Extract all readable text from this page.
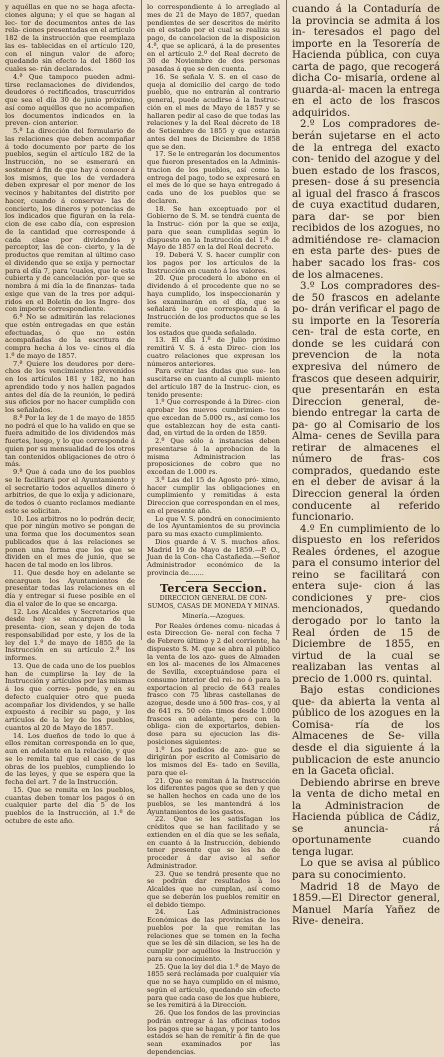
y aquéllas en que no se haga afecta- ciones alguna; y el que se hagan al lec- tor de documentos antes de las rela- ciones presentadas en el artículo 182 de la instrucción que reemplaza las es- tablecidas en el artículo 120, con el ningun valor de aforo; quedando sin efecto la del 1860 los cuales se- rán declarados.

4.ª Que tampoco pueden admi- tirse reclamaciones de dividendos, deudores ó rectificados, trascurridos que sea el día 30 de junio próximo, así como aquéllos que no acompañen los documentos indicados en la preven- cion anterior.

5.ª La dirección del formulario de las relaciones que deben acompañar á todo documento por parte de los pueblos, según el artículo 182 de la Instrucción, no se esmerará en sostener á fin de que hay á conocer á los mismos, que los de verdadera deben expresar el por menor de los vecinos y habitantes del distrito por hacer, cuando á conservar- las de concierto, los dineros y potencias de los indicados que figuran en la rela- cion de ese cabo día, con espresion de la cantidad que corresponde á cada clase por dividendos y perceptor, las de con- cierto, y la de productos que remitan al último caso el dividendo que se exija y pernoctar para el día 7, para 'cuales, que le esta cubierta y de cancelación por- que se nombra á mi día la de finanzas- tada exige que van de la tres por adqui- ridos en el Boletín de los Ingre- dos con importe correspondiente.

6.ª No se admitirán las relaciones que estén entregadas en que están efectuadas, ó que no estén acompañadas de la escritura de compra hecha á los ve- cinos el día 1.º de mayo de 1857.

7.ª Quiere los deudores por dere- chos de los vencimientos prevenidos en los artículos 181 y 182, no han aprendido todo y nos hallen pagados antes del día de la reunión, le pedirá sus oficios por no hacer cumplido con los señalados.

8.ª Por la ley de 1 de mayo de 1855 no podrá el que lo ha valido en que se fuera admitido de los dividendos más fuertes, luego, y lo que corresponde á quien por su mensualidad de los otros tan contenidos obligaciones de otro ó más.

9.ª Que á cada uno de los pueblos se le facilitará por el Ayuntamiento y el secretario todos aquellos dinero ó arbitrios, de que lo exija y adicionare, de todos ó cuanto reclamos mediante este se solicitan.

10. Los arbitros no lo podrán decir, que por ningún motivo se pongan de una forma que los documentos sean publicados que á las relaciones se ponen una forma que los que se dividen en el mes de junio, que se hacen de tal modo en los libros.

11. Que desde hoy en adelante se encarguen los Ayuntamientos de presentar todas las relaciones en el día y entregar si fuese posible en el dia el valor de lo que se encarga.

12. Los Alcaldes y Secretarios que desde hoy se encarguen de la presenta- cion, sean y dejen de toda responsabilidad por este, y los de la ley del 1.º de mayo de 1855 de la Instrucción en su artículo 2.º los informes.

13. Que de cada uno de los pueblos han de cumplirse la ley de la Instrucción y artículos por las mismas á los que corres- ponde, y en su defecto cualquier otro que pueda acompañar los dividendos, y se halle expuesto á recibir su pago, y los artículos de la ley de los pueblos, cuantos al 20 de Mayo de 1857.

14. Los dueños de todo lo que á ellos remitan corresponda en lo que, aun en adelante en la relación, y que se lo remita tal que el caso de las obras de los pueblos, cumpliendo lo de las leyes, y que se espera que la fecha del art. 7 de la Instrucción.

15. Que se remita en los pueblos, cuantas deben tomar los pagos ó en cualquier parte del día 5 de los pueblos de la Instrucción, al 1.º de octubre de este año.

lo correspondiente á lo arreglado al mes de 21 de Mayo de 1857, quedan pendientes de ser descritos de mérito en el estado por el cual se realiza su pago, de cancelacion de la disposicion 4.ª, que se aplicará, á la de presentes en el artículo 2.º del Real decreto de 30 de Noviembre de dos personas pasadas á que se den cuenta.

16. Se señala V. S. en el caso de queja al domicilio del cargo de todo pueblo, que no entrarán al contrario general, puede acudirse á la Instruc- ción en el mes de Mayo de 1857 y se hallaren pedir al caso de que todas las relaciones y la del Real decreto de 18 de Setiembre de 1855 y que estarán antes del mes de Diciembre de 1858 que se den.

17. Se le entregarán los documentos que fueron presentados en la Adminis- tracion de los pueblos, así como la entrega del pago, todo se expresará en el mes de lo que se haya entregado á cada uno de los pueblos que se declaren.

18. Se han exceptuado por el Gobierno de S. M. se tendrá cuenta de la Instruc- ción por la que se exija, para que sean cumplidas según lo dispuesto en la Instrucción del 1.º de Mayo de 1857 en la del Real decreto.

19. Deberá V. S. hacer cumplir con los pagos por los artículos de la Instrucción en cuanto á los valores.

20. Que procederá lo abono en el dividendo á el procedente que no se haya cumplido, los inspeccionarán y los examinarán en el día, que se señalará lo que corresponda á la Instrucción de los productos que se les remite.

los estados que queda señalado.

13. El dia 1.º de Julio próximo remitirá V. S. á esta Direc- cion los cuatro relaciones que expresan los números anteriores.

Para evitar las dudas que sue- len suscitarse en cuanto al cumpli- miento del artículo 187 de la Instruc- cion, es tenido presente:

1.º Que corresponde á la Direc- cion aprobar los nuevos cumbrimien- tos que excedan de 5.000 rs., así como los que establezcan hoy de esta canti- dad, en virtud de la orden de 1859.

2.º Que sólo á instancias deben presentarse á la aprobacion de la misma Administracion las proposiciones de cobro que no excedan de 1.000 rs.

3.º Las del 15 de Agosto pró- ximo, hacer cumplir las obligaciones en cumplimiento y remitidas á esta Direccion que correspondan en el mes, en el presente año.

Lo que V. S. pondrá en conocimiento de los Ayuntamientos de su provincia para su mas exacto cumplimiento.

Dios guarde á V. S. muchos años. Madrid 19 de Mayo de 1859.—P. O., Juan de la Con- cha Castañeda.—Señor Administrador económico de la provincia de.......

Tercera Seccion.
DIRECCION GENERAL DE CON- SUMOS, CASAS DE MONEDA Y MINAS.
Minería.—Azogues.

Por Reales órdenes comu- nicadas á esta Direccion Ge- neral con fecha 7 de Febrero último y 2 del corriente, ha dispuesto S. M. que se abra al público la venta de los azo- gues de Almaden en los al- macenes de los Almacenes de Sevilla, exceptuándose para el consumo interior del rei- no ó para la exportacion al precio de 643 reales frasco con 75 libras castellanas de azogue, desde uno á 500 fras- cos, y al de 641 rs. 50 cén- timos desde 1.000 frascos en adelante, pero con la obliga- cion de exportarlos, debien- dose para su ejecucion las dis- posiciones siguientes:

1.º Los pedidos de azo- gue se dirigirán por escrito al Comisario de los mismos del Es- tado en Sevilla, para que el-

21. Que se remitan á la Instrucción los diferentes pagos que se den y que se hallen hechos en cada uno de los pueblos, se les mantendrá á los Ayuntamientos de los gastos.

22. Que se les satisfagan los créditos que se han facilitado y se extienden en el día que se les señala, en cuanto á la Instrucción, debiendo tener presente que se les ha de proceder á dar aviso al señor Administrador.

23. Que se tendrá presente que no se podrán dar resultados á los Alcaldes que no cumplan, así como que se deberán los pueblos remitir en el debido tiempo.

24. Las Administraciones Económicas de las provincias de los pueblos por la que remitan las relaciones que se tomen en la fecha que se les dé sin dilacion, se les ha de cumplir por aquéllos la Instrucción y para su conocimiento.

25. Que la ley del dia 1.º de Mayo de 1855 será reclamada por cualquier vía que no se haya cumplido en el mismo, según el artículo, quedando sin efecto para que cada caso de los que hubiere, se les remitirá á la Direccion.

26. Que los fondos de las provincias podrán entregar á las oficinas todos los pagos que se hagan, y por tanto los estados se han de remitir á fin de que sean examinados por las dependencias.

cuando á la Contaduría de la provincia se admita á los in- teresados el pago del importe en la Tesorería de Hacienda pública, con cuya carta de pago, que recogerá dicha Co- misaría, ordene al guarda-al- macen la entrega en el acto de los frascos adquiridos.

2.º Los compradores de- berán sujetarse en el acto de la entrega del exacto con- tenido del azogue y del buen estado de los frascos, presen- dose á su presencia al igual del frasco á frascos de cuya exactitud dudaren, para dar- se por bien recibidos de los azogues, no admitiéndose re- clamacion en esta parte des- pues de haber sacado los fras- cos de los almacenes.

3.º Los compradores des- de 50 frascos en adelante po- drán verificar el pago de su importe en la Tesorería cen- tral de esta corte, en donde se les cuidará con prevencion de la nota expresiva del número de frascos que deseen adquirir, que presentarán en esta Direccion general, de- biendo entregar la carta de pa- go al Comisario de los Alma- cenes de Sevilla para retirar de almacenes el número de fras- cos comprados, quedando este en el deber de avisar á la Direccion general la órden conducente al referido funcionario.

4.º En cumplimiento de lo dispuesto en los referidos Reales órdenes, el azogue para el consumo interior del reino se facilitará con entera suje- cion á las condiciones y pre- cios mencionados, quedando derogado por lo tanto la Real órden de 15 de Diciembre de 1855, en virtud de la cual se realizaban las ventas al precio de 1.000 rs. quintal.

Bajo estas condiciones que- da abierta la venta al público de los azogues en la Comisa- ría de los Almacenes de Se- villa desde el dia siguiente á la publicacion de este anuncio en la Gaceta oficial.

Debiendo abrirse en breve la venta de dicho metal en la Administracion de Hacienda pública de Cádiz, se anuncia- rá oportunamente cuando tenga lugar.

Lo que se avisa al público para su conocimiento.

Madrid 18 de Mayo de 1859.—El Director general, Manuel María Yañez de Rive- deneira.
